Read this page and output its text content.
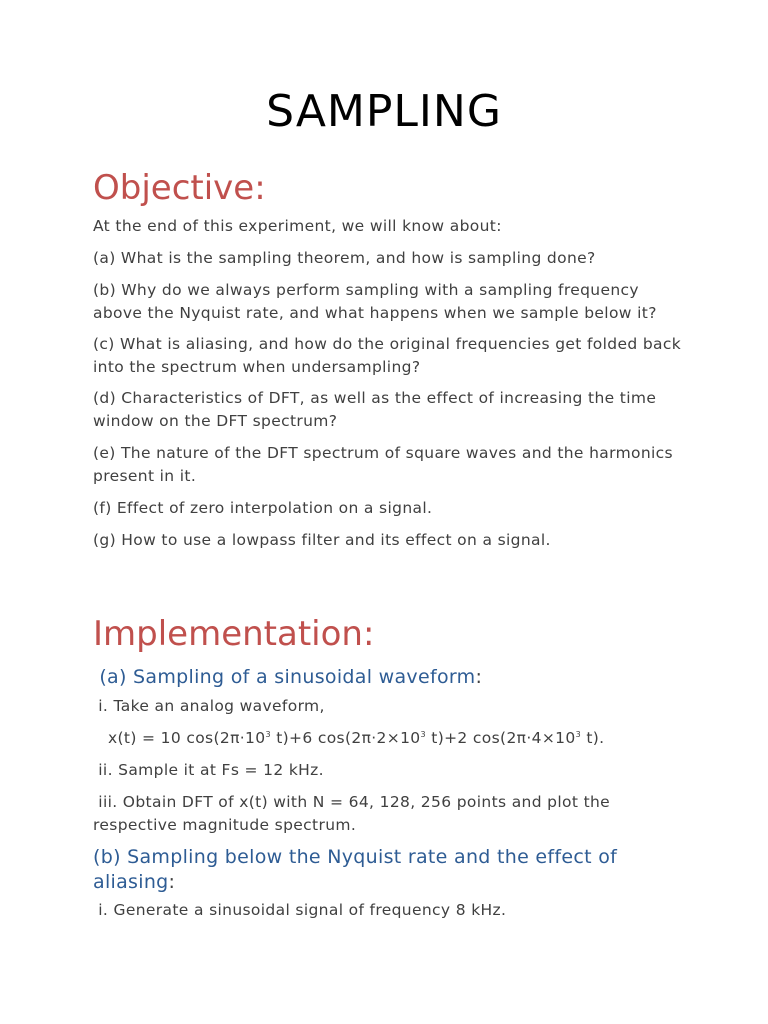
SAMPLING
Objective:

At the end of this experiment, we will know about:

(a) What is the sampling theorem, and how is sampling done?

(b) Why do we always perform sampling with a sampling frequency above the Nyquist rate, and what happens when we sample below it?

(c) What is aliasing, and how do the original frequencies get folded back into the spectrum when undersampling?

(d) Characteristics of DFT, as well as the effect of increasing the time window on the DFT spectrum?

(e) The nature of the DFT spectrum of square waves and the harmonics present in it.

(f) Effect of zero interpolation on a signal.

(g) How to use a lowpass filter and its effect on a signal.

Implementation:
(a) Sampling of a sinusoidal waveform:

i. Take an analog waveform,

x(t) = 10 $\cos(2\pi\cdot 10^3$ t)+6 $\cos(2\pi\cdot 2\times 10^3$ t)+2 $\cos(2\pi\cdot 4\times 10^3$ t).

ii. Sample it at Fs = 12 kHz.

iii. Obtain DFT of x(t) with N = 64, 128, 256 points and plot the respective magnitude spectrum.

(b) Sampling below the Nyquist rate and the effect of aliasing:

i. Generate a sinusoidal signal of frequency 8 kHz.
